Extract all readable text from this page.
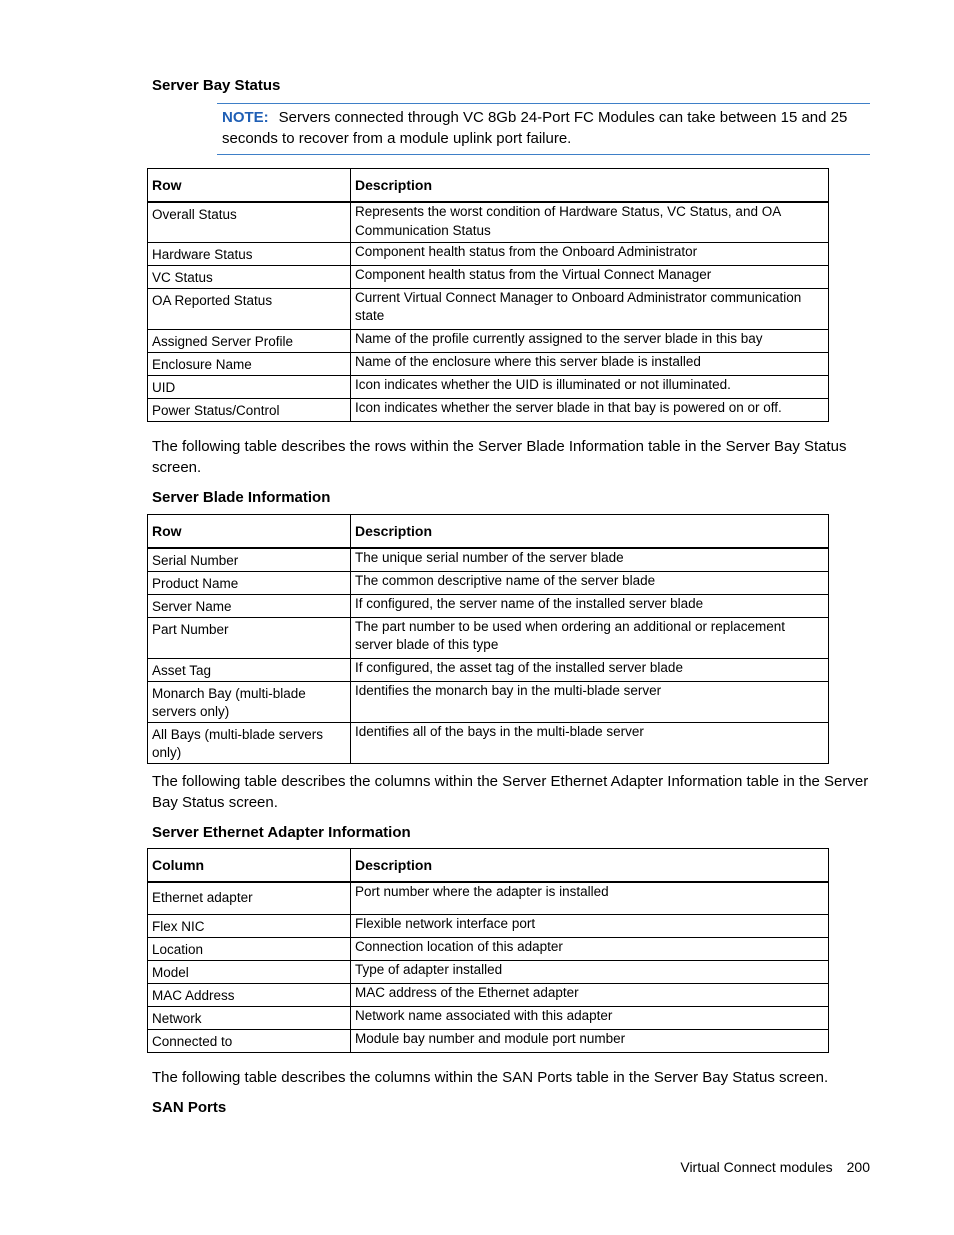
Server Bay Status
NOTE: Servers connected through VC 8Gb 24-Port FC Modules can take between 15 and 25 seconds to recover from a module uplink port failure.
Row	Description
Overall Status	Represents the worst condition of Hardware Status, VC Status, and OA Communication Status
Hardware Status	Component health status from the Onboard Administrator
VC Status	Component health status from the Virtual Connect Manager
OA Reported Status	Current Virtual Connect Manager to Onboard Administrator communication state
Assigned Server Profile	Name of the profile currently assigned to the server blade in this bay
Enclosure Name	Name of the enclosure where this server blade is installed
UID	Icon indicates whether the UID is illuminated or not illuminated.
Power Status/Control	Icon indicates whether the server blade in that bay is powered on or off.
The following table describes the rows within the Server Blade Information table in the Server Bay Status screen.
Server Blade Information
Row	Description
Serial Number	The unique serial number of the server blade
Product Name	The common descriptive name of the server blade
Server Name	If configured, the server name of the installed server blade
Part Number	The part number to be used when ordering an additional or replacement server blade of this type
Asset Tag	If configured, the asset tag of the installed server blade
Monarch Bay (multi-blade servers only)	Identifies the monarch bay in the multi-blade server
All Bays (multi-blade servers only)	Identifies all of the bays in the multi-blade server
The following table describes the columns within the Server Ethernet Adapter Information table in the Server Bay Status screen.
Server Ethernet Adapter Information
Column	Description
Ethernet adapter	Port number where the adapter is installed
Flex NIC	Flexible network interface port
Location	Connection location of this adapter
Model	Type of adapter installed
MAC Address	MAC address of the Ethernet adapter
Network	Network name associated with this adapter
Connected to	Module bay number and module port number
The following table describes the columns within the SAN Ports table in the Server Bay Status screen.
SAN Ports
Virtual Connect modules 200
